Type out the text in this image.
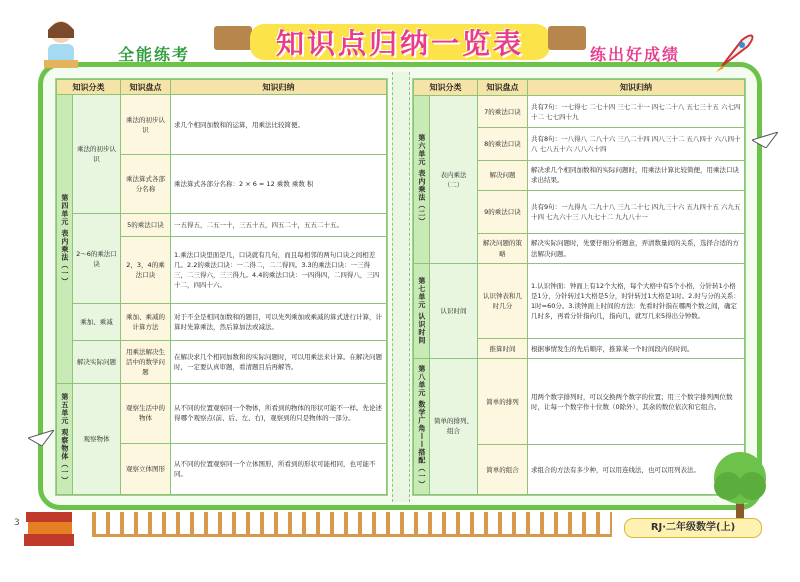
全能练考	知识点归纳一览表	练出好成绩
知识分类		知识盘点	知识归纳
第四单元 表内乘法（一）	乘法的初步认识	乘法的初步认识	求几个相同加数和的运算，用乘法比较简便。
		乘法算式各部分名称	乘法算式各部分名称：2 × 6 = 12 乘数 乘数 积
	2～6的乘法口诀	5的乘法口诀	一五得五，二五一十，三五十五，四五二十，五五二十五。
		2，3，4的乘法口诀	1.乘法口诀里面是几，口诀就有几句，而且每相邻的两句口诀之间相差几。2.2的乘法口诀：一二得二，二二得四。3.3的乘法口诀：一三得三，二三得六，三三得九。4.4的乘法口诀：一四得四，二四得八，三四十二，四四十六。
	乘加、乘减	乘加、乘减的计算方法	对于不全是相同加数和的题目，可以先列乘加或乘减的算式进行计算，计算时先算乘法，然后算加法或减法。
	解决实际问题	用乘法解决生活中的数学问题	在解决求几个相同加数和的实际问题时，可以用乘法来计算。在解决问题时，一定要认真审题，看清题目后再解答。
第五单元 观察物体（一）	观察物体	观察生活中的物体	从不同的位置观察同一个物体，所看到的物体的形状可能不一样。先论述得哪个观察点(前、后、左、右)，观察到的只是物体的一部分。
		观察立体图形	从不同的位置观察同一个立体图形，所看到的形状可能相同，也可能不同。
知识分类		知识盘点	知识归纳
第六单元 表内乘法（二）	表内乘法（二）	7的乘法口诀	共有7句：一七得七 二七十四 三七二十一 四七二十八 五七三十五 六七四十二 七七四十九
		8的乘法口诀	共有8句：一八得八 二八十六 三八二十四 四八三十二 五八四十 六八四十八 七八五十六 八八六十四
		解决问题	解决求几个相同加数和的实际问题时，用乘法计算比较简便，用乘法口诀求出结果。
		9的乘法口诀	共有9句：一九得九 二九十八 三九二十七 四九三十六 五九四十五 六九五十四 七九六十三 八九七十二 九九八十一
		解决问题的策略	解决实际问题时，先要仔细分析题意，弄清数量间的关系，选择合适的方法解决问题。
第七单元 认识时间	认识时间	认识钟表和几时几分	1.认识钟面：钟面上有12个大格，每个大格中有5个小格，分针转1小格是1分，分针转过1大格是5分，时针转过1大格是1时。2.时与分的关系：1时=60分。3.读钟面上时间的方法：先看时针指在哪两个数之间，确定几时多，再看分针指向几，指向几，就写几来5得出分钟数。
		推算时间	根据事情发生的先后顺序，推算某一个时间段内的时间。
第八单元 数学广角——搭配（一）	简单的排列、组合	简单的排列	用两个数字排列时，可以交换两个数字的位置；用三个数字排列两位数时，让每一个数字作十位数（0除外），其余的数位依次和它组合。
		简单的组合	求组合的方法有多少种，可以用连线法，也可以用列表法。
3	RJ·二年级数学(上)
